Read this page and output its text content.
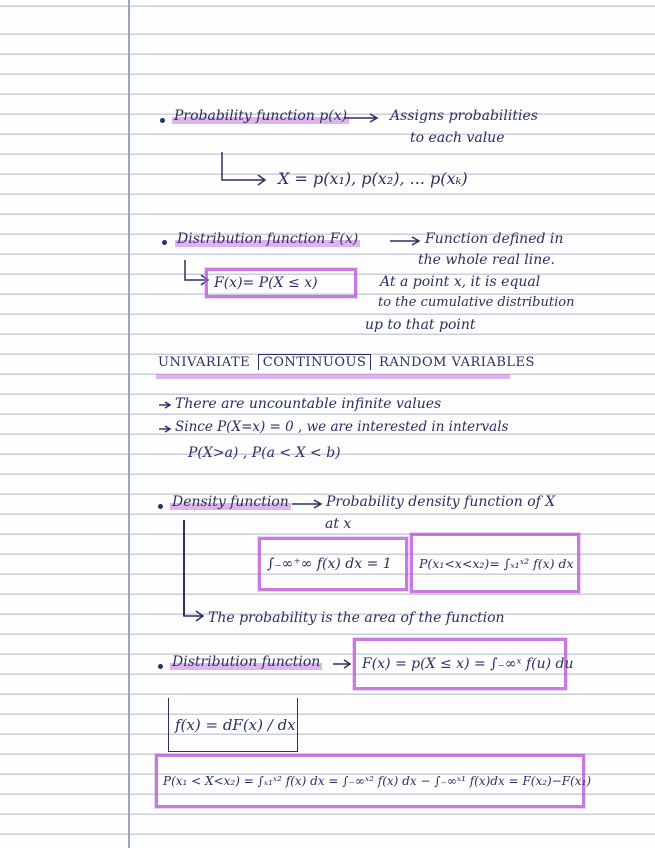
Probability function p(x)	Assigns probabilities
to each value
X = p(x₁), p(x₂), ... p(xₖ)
Distribution function F(x)	Function defined in
the whole real line.
At a point x, it is equal
to the cumulative distribution
up to that point
F(x)= P(X ≤ x)
UNIVARIATE CONTINUOUS RANDOM VARIABLES
There are uncountable infinite values
Since P(X=x) = 0 , we are interested in intervals
P(X>a) , P(a < X < b)
Density function	Probability density function of X
at x
∫₋∞⁺∞ f(x) dx = 1 P(x₁<x<x₂)= ∫ₓ₁ˣ² f(x) dx
The probability is the area of the function
Distribution function	F(x) = p(X ≤ x) = ∫₋∞ˣ f(u) du
f(x) = dF(x) / dx
P(x₁ < X<x₂) = ∫ₓ₁ˣ² f(x) dx = ∫₋∞ˣ² f(x) dx − ∫₋∞ˣ¹ f(x)dx = F(x₂)−F(x₁)
